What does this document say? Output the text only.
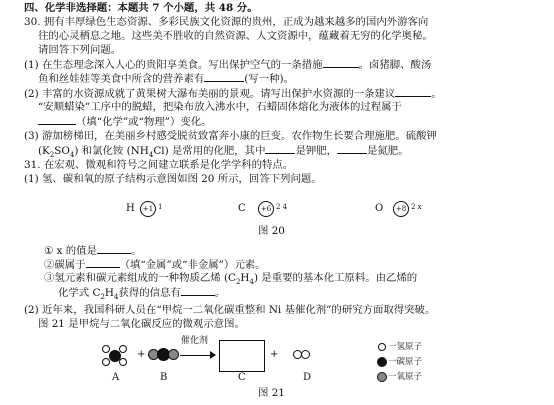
四、化学非选择题：本题共 7 个小题，共 48 分。
30. 拥有丰厚绿色生态资源、多彩民族文化资源的贵州，正成为越来越多的国内外游客向
往的心灵栖息之地。这些美不胜收的自然资源、人文资源中，蕴藏着无穷的化学奥秘。
请回答下列问题。
(1) 在生态理念深入人心的贵阳享美食。写出保护空气的一条措施	。卤猪脚、酸汤
鱼和丝娃娃等美食中所含的营养素有	(写一种)。
(2) 丰富的水资源成就了黄果树大瀑布美丽的景观。请写出保护水资源的一条建议	。
“安顺蜡染”工序中的脱蜡，把染布放入沸水中，石蜡固体熔化为液体的过程属于
（填“化学”或“物理”）变化。
(3) 游加榜梯田，在美丽乡村感受脱贫致富奔小康的巨变。农作物生长要合理施肥。硫酸钾
$(K_2SO_4)$ 和氯化铵 $(NH_4Cl)$ 是常用的化肥，其中	是钾肥，	是氮肥。
31. 在宏观、微观和符号之间建立联系是化学学科的特点。
(1) 氢、碳和氧的原子结构示意图如图 20 所示，回答下列问题。
H	+1 1	C	+6 2 4	O	+8 2 x
图 20
① x 的值是	。
②碳属于	（填“金属”或“非金属”）元素。
③氢元素和碳元素组成的一种物质乙烯 $(C_2H_4)$ 是重要的基本化工原料。由乙烯的
化学式 $C_2H_4$获得的信息有	。
(2) 近年来，我国科研人员在“甲烷一二氧化碳重整和 Ni 基催化剂”的研究方面取得突破。
图 21 是甲烷与二氧化碳反应的微观示意图。
+
催化剂
+
A	B	C	D
一氢原子
一碳原子
一氧原子
图 21
